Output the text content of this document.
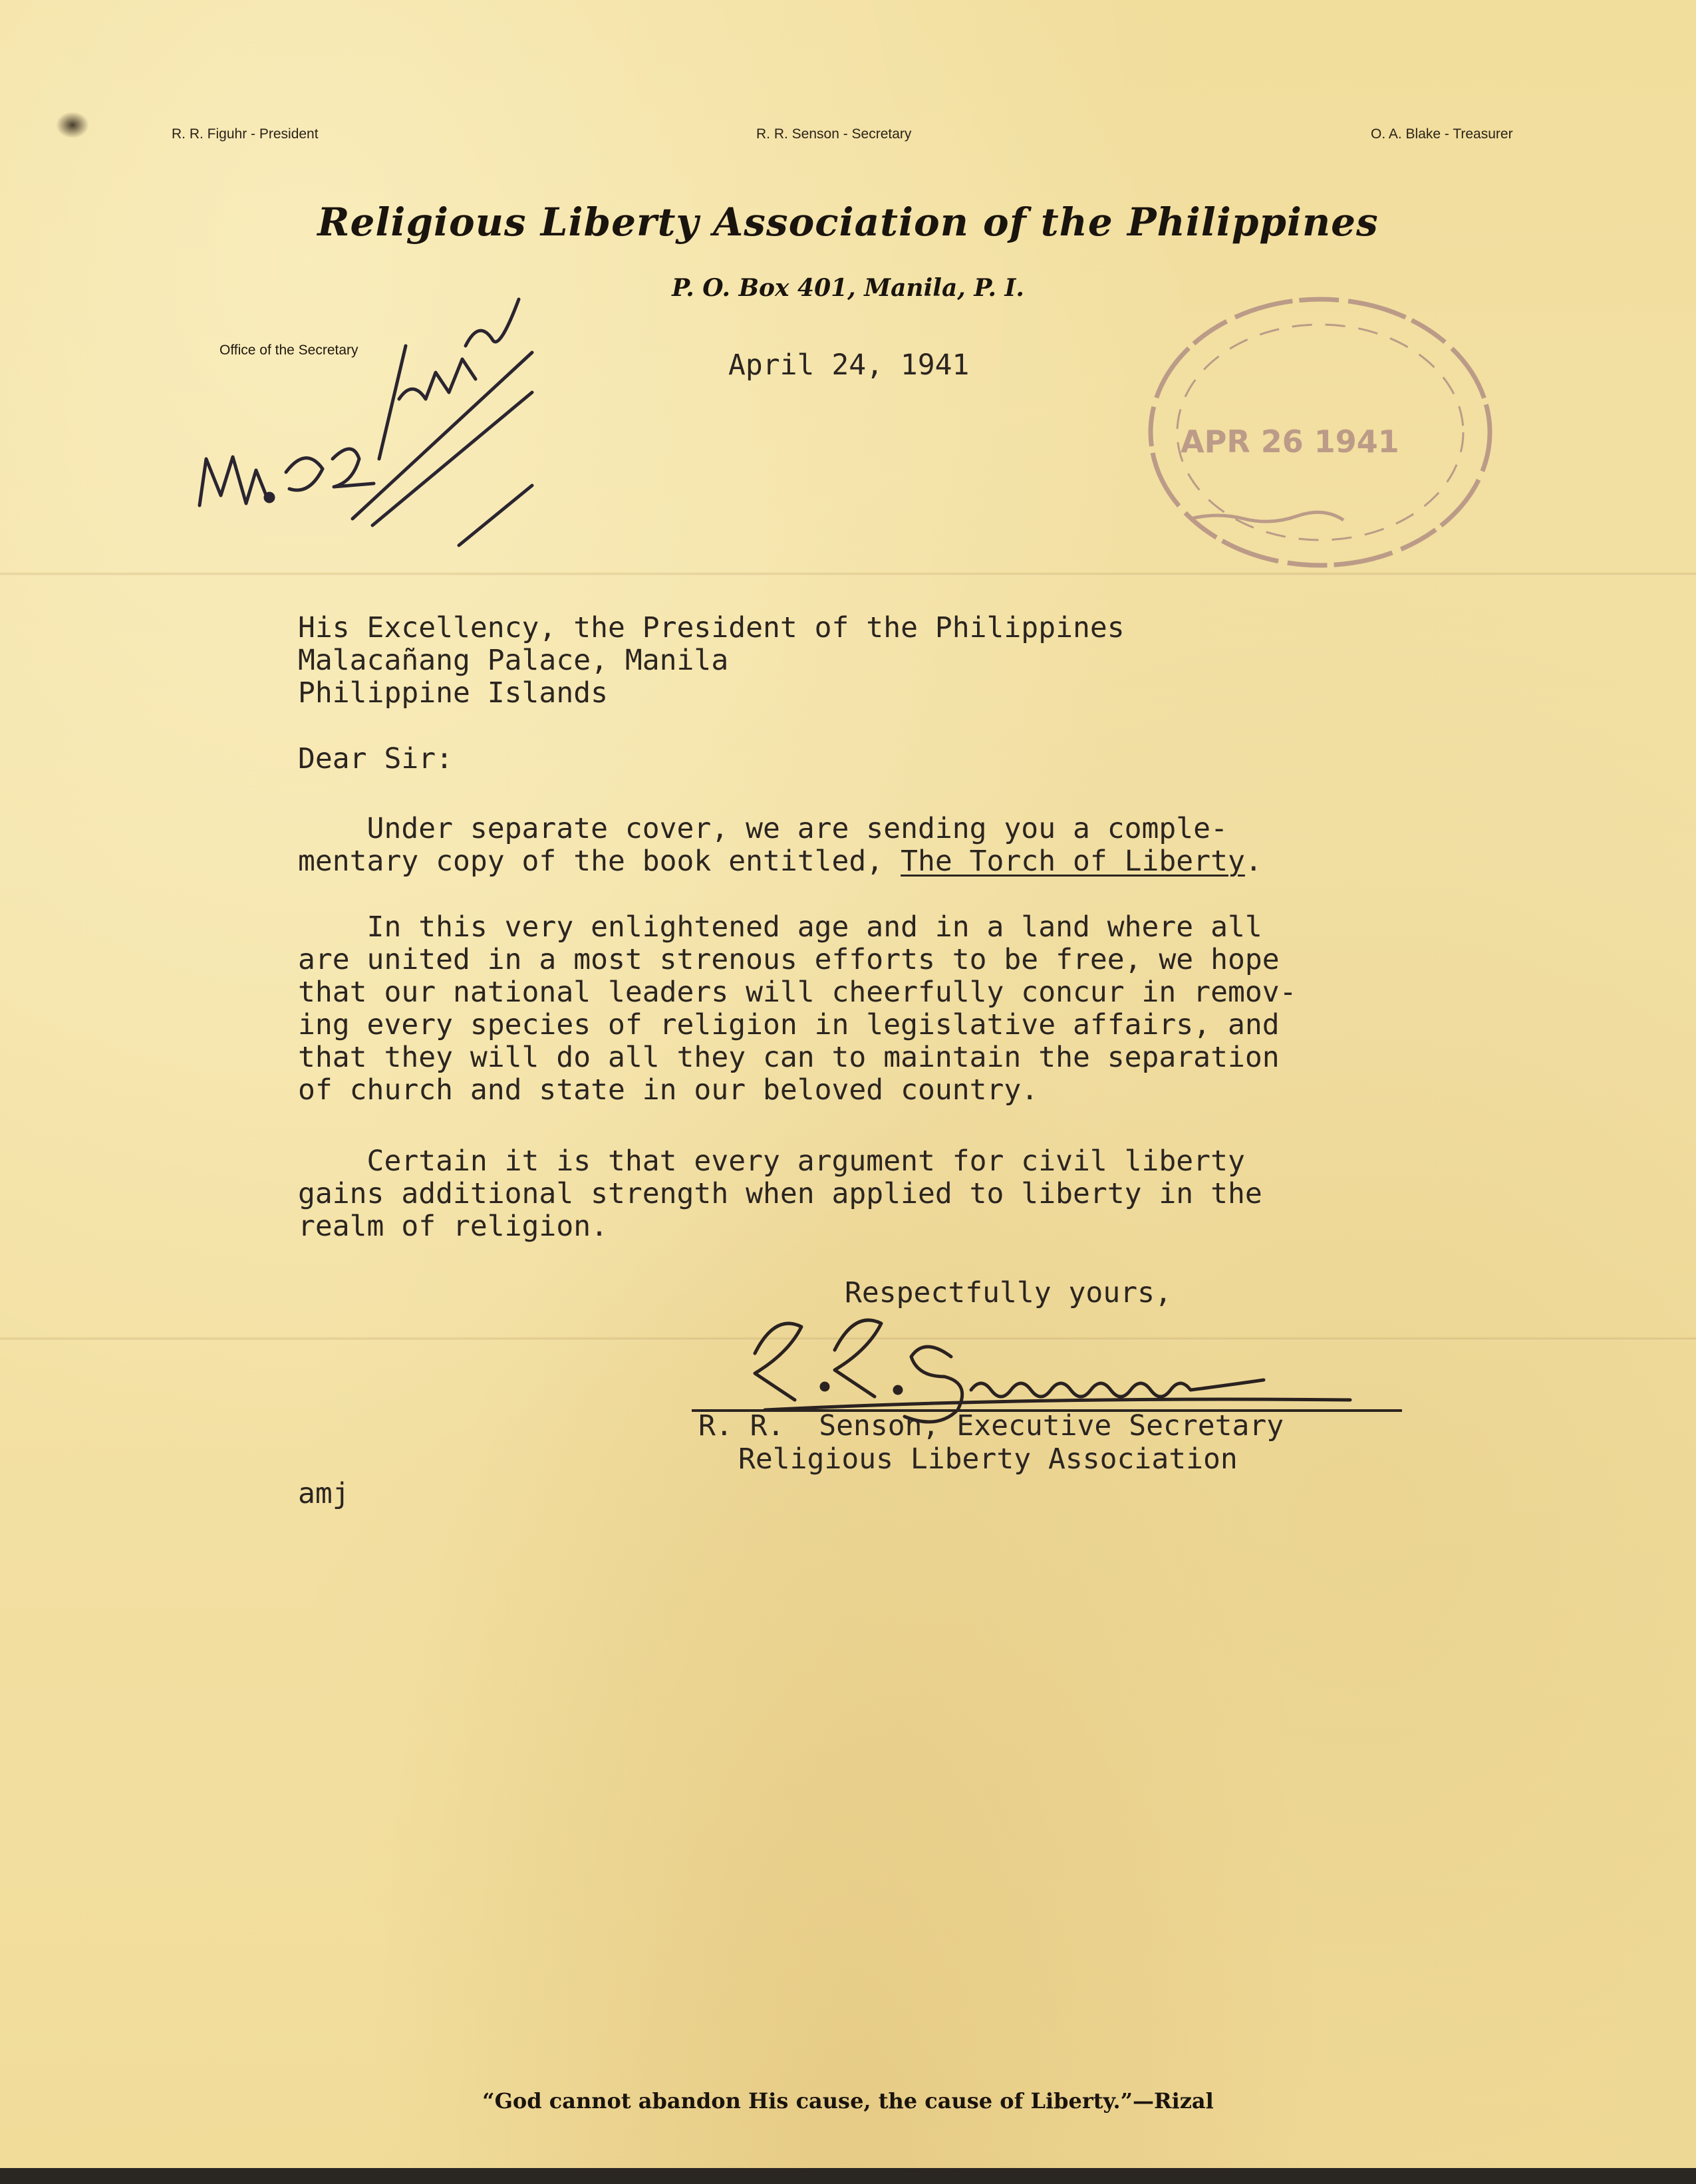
R. R. Figuhr - President	R. R. Senson - Secretary	O. A. Blake - Treasurer
Religious Liberty Association of the Philippines
P. O. Box 401, Manila, P. I.
Office of the Secretary	April 24, 1941
His Excellency, the President of the Philippines
Malacañang Palace, Manila
Philippine Islands
Dear Sir:
Under separate cover, we are sending you a comple-
mentary copy of the book entitled, The Torch of Liberty.
In this very enlightened age and in a land where all
are united in a most strenous efforts to be free, we hope
that our national leaders will cheerfully concur in remov-
ing every species of religion in legislative affairs, and
that they will do all they can to maintain the separation
of church and state in our beloved country.
Certain it is that every argument for civil liberty
gains additional strength when applied to liberty in the
realm of religion.
Respectfully yours,
R. R.  Senson, Executive Secretary
Religious Liberty Association
amj
“God cannot abandon His cause, the cause of Liberty.”—Rizal
APR 26 1941
